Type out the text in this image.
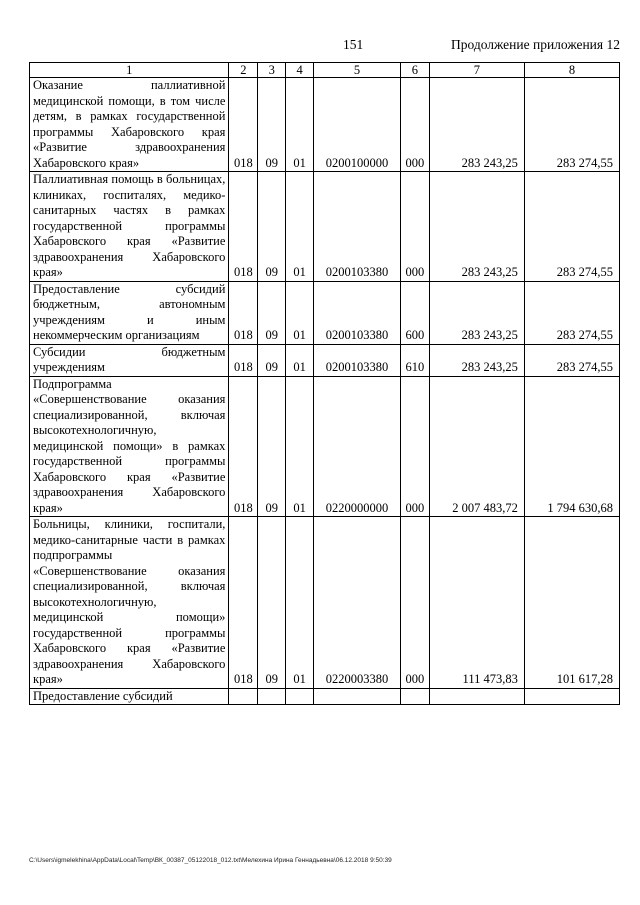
151	Продолжение приложения 12
1	2	3	4	5	6	7	8
Оказание паллиативной медицинской помощи, в том числе детям, в рамках государственной программы Хабаровского края «Развитие здравоохранения Хабаровского края»	018	09	01	0200100000	000	283 243,25	283 274,55
Паллиативная помощь в больницах, клиниках, госпиталях, медико-санитарных частях в рамках государственной программы Хабаровского края «Развитие здравоохранения Хабаровского края»	018	09	01	0200103380	000	283 243,25	283 274,55
Предоставление субсидий бюджетным, автономным учреждениям и иным некоммерческим организациям	018	09	01	0200103380	600	283 243,25	283 274,55
Субсидии бюджетным учреждениям	018	09	01	0200103380	610	283 243,25	283 274,55
Подпрограмма «Совершенствование оказания специализированной, включая высокотехнологичную, медицинской помощи» в рамках государственной программы Хабаровского края «Развитие здравоохранения Хабаровского края»	018	09	01	0220000000	000	2 007 483,72	1 794 630,68
Больницы, клиники, госпитали, медико-санитарные части в рамках подпрограммы «Совершенствование оказания специализированной, включая высокотехнологичную, медицинской помощи» государственной программы Хабаровского края «Развитие здравоохранения Хабаровского края»	018	09	01	0220003380	000	111 473,83	101 617,28
Предоставление субсидий							
C:\Users\igmelekhina\AppData\Local\Temp\ВК_00387_05122018_012.txt\Мелехина Ирина Геннадьевна\06.12.2018 9:50:39
